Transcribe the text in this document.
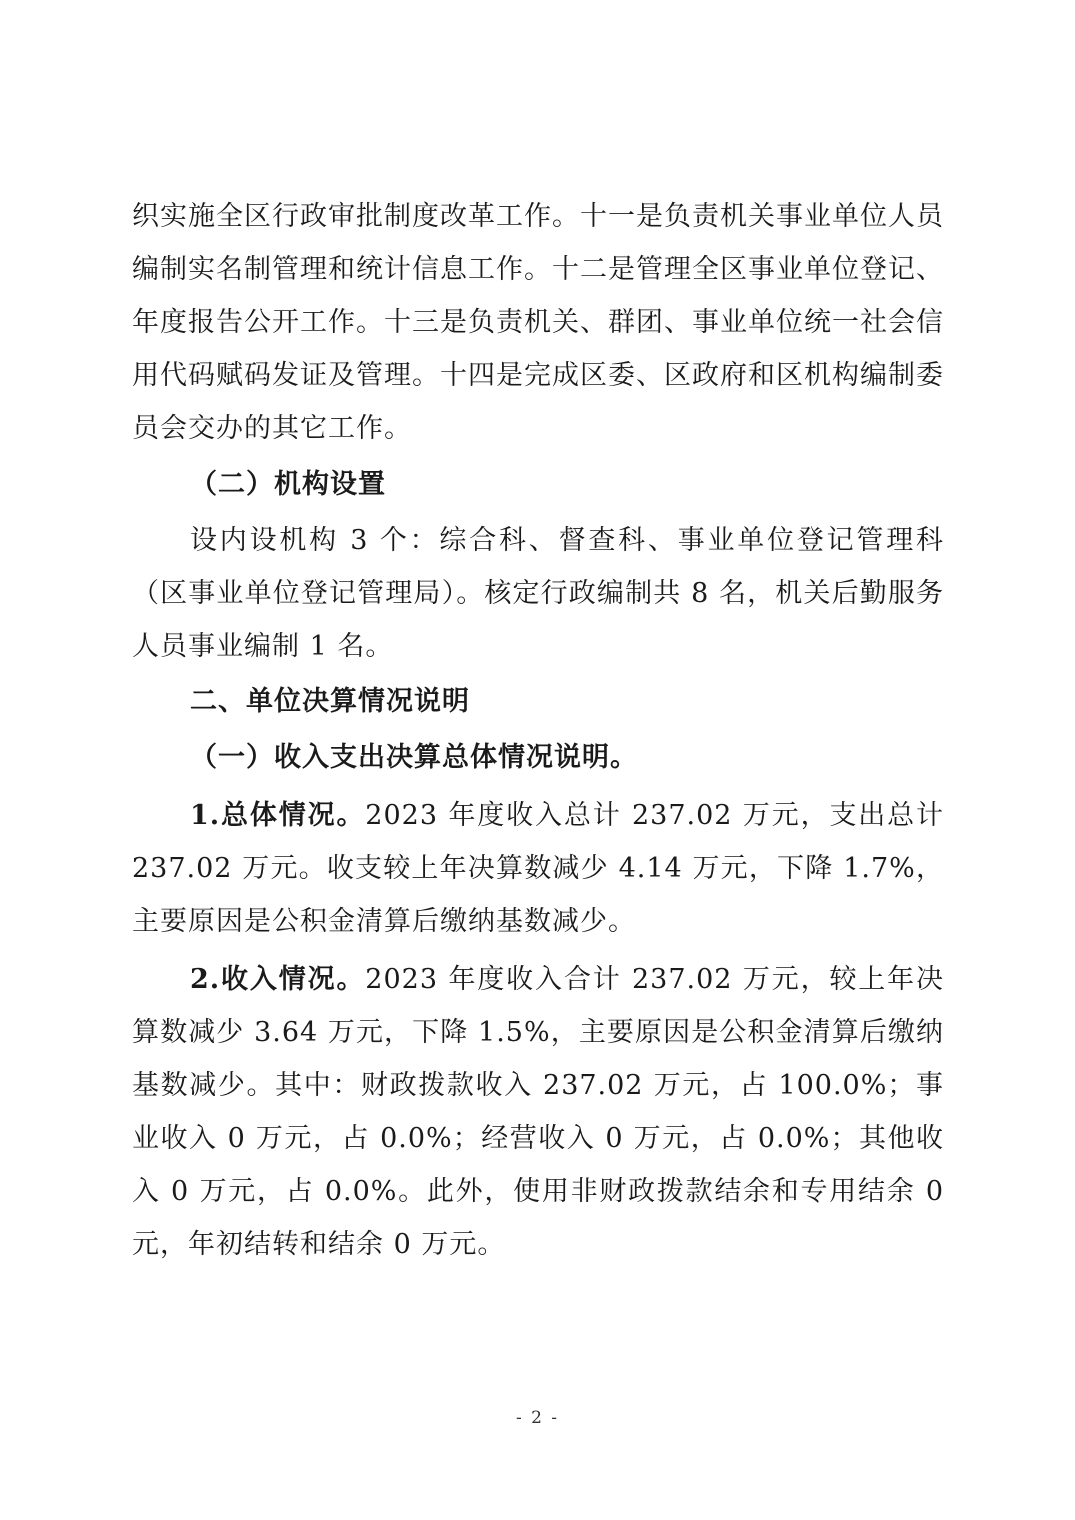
织实施全区行政审批制度改革工作。十一是负责机关事业单位人员编制实名制管理和统计信息工作。十二是管理全区事业单位登记、年度报告公开工作。十三是负责机关、群团、事业单位统一社会信用代码赋码发证及管理。十四是完成区委、区政府和区机构编制委员会交办的其它工作。

（二）机构设置

设内设机构 3 个：综合科、督查科、事业单位登记管理科（区事业单位登记管理局）。核定行政编制共 8 名，机关后勤服务人员事业编制 1 名。

二、单位决算情况说明

（一）收入支出决算总体情况说明。

1.总体情况。2023 年度收入总计 237.02 万元，支出总计 237.02 万元。收支较上年决算数减少 4.14 万元，下降 1.7%，主要原因是公积金清算后缴纳基数减少。

2.收入情况。2023 年度收入合计 237.02 万元，较上年决算数减少 3.64 万元，下降 1.5%，主要原因是公积金清算后缴纳基数减少。其中：财政拨款收入 237.02 万元，占 100.0%；事业收入 0 万元，占 0.0%；经营收入 0 万元，占 0.0%；其他收入 0 万元，占 0.0%。此外，使用非财政拨款结余和专用结余 0 元，年初结转和结余 0 万元。

- 2 -
